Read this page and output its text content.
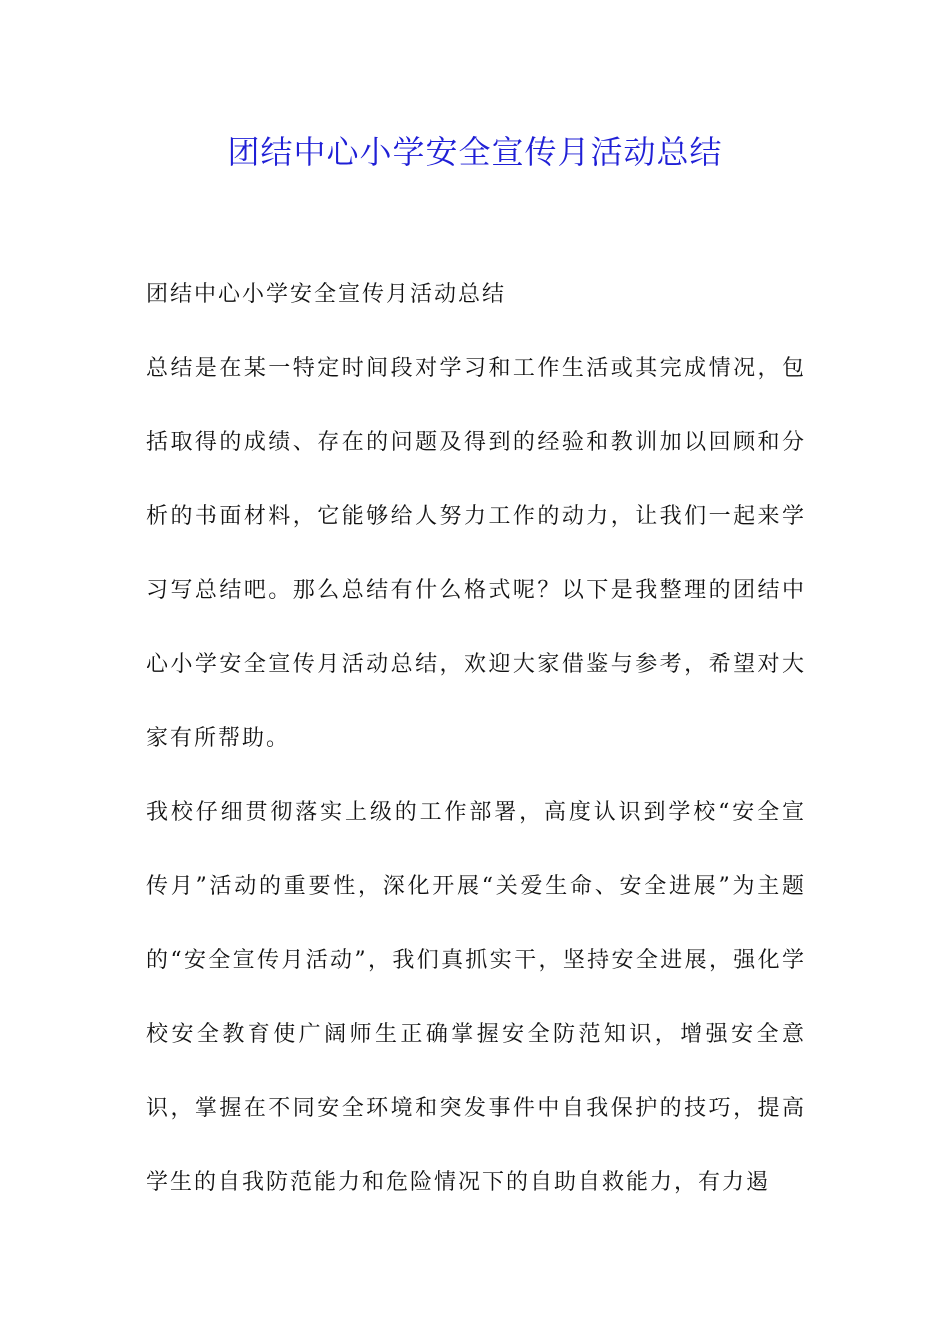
团结中心小学安全宣传月活动总结

团结中心小学安全宣传月活动总结

总结是在某一特定时间段对学习和工作生活或其完成情况，包括取得的成绩、存在的问题及得到的经验和教训加以回顾和分析的书面材料，它能够给人努力工作的动力，让我们一起来学习写总结吧。那么总结有什么格式呢？以下是我整理的团结中心小学安全宣传月活动总结，欢迎大家借鉴与参考，希望对大家有所帮助。

我校仔细贯彻落实上级的工作部署，高度认识到学校“安全宣传月”活动的重要性，深化开展“关爱生命、安全进展”为主题的“安全宣传月活动”，我们真抓实干，坚持安全进展，强化学校安全教育使广阔师生正确掌握安全防范知识，增强安全意识，掌握在不同安全环境和突发事件中自我保护的技巧，提高学生的自我防范能力和危险情况下的自助自救能力，有力遏
